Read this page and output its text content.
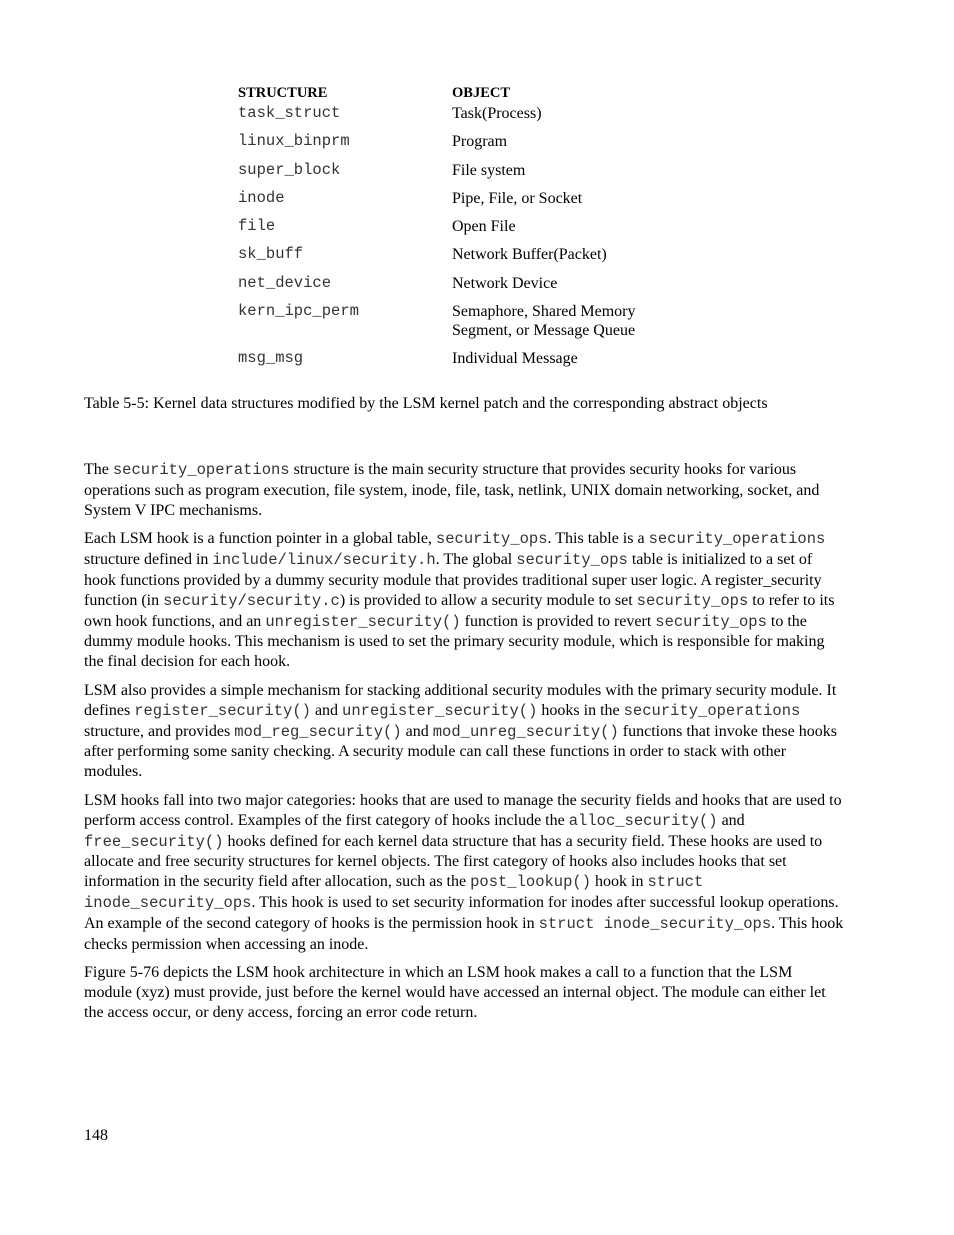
STRUCTURE	OBJECT
task_struct	Task(Process)
linux_binprm	Program
super_block	File system
inode	Pipe, File, or Socket
file	Open File
sk_buff	Network Buffer(Packet)
net_device	Network Device
kern_ipc_perm	Semaphore, Shared Memory
Segment, or Message Queue
msg_msg	Individual Message
Table 5-5: Kernel data structures modified by the LSM kernel patch and the corresponding abstract objects

The security_operations structure is the main security structure that provides security hooks for various operations such as program execution, file system, inode, file, task, netlink, UNIX domain networking, socket, and System V IPC mechanisms.

Each LSM hook is a function pointer in a global table, security_ops. This table is a security_operations structure defined in include/linux/security.h. The global security_ops table is initialized to a set of hook functions provided by a dummy security module that provides traditional super user logic. A register_security function (in security/security.c) is provided to allow a security module to set security_ops to refer to its own hook functions, and an unregister_security() function is provided to revert security_ops to the dummy module hooks. This mechanism is used to set the primary security module, which is responsible for making the final decision for each hook.

LSM also provides a simple mechanism for stacking additional security modules with the primary security module. It defines register_security() and unregister_security() hooks in the security_operations structure, and provides mod_reg_security() and mod_unreg_security() functions that invoke these hooks after performing some sanity checking. A security module can call these functions in order to stack with other modules.

LSM hooks fall into two major categories: hooks that are used to manage the security fields and hooks that are used to perform access control. Examples of the first category of hooks include the alloc_security() and free_security() hooks defined for each kernel data structure that has a security field. These hooks are used to allocate and free security structures for kernel objects. The first category of hooks also includes hooks that set information in the security field after allocation, such as the post_lookup() hook in struct inode_security_ops. This hook is used to set security information for inodes after successful lookup operations. An example of the second category of hooks is the permission hook in struct inode_security_ops. This hook checks permission when accessing an inode.

Figure 5-76 depicts the LSM hook architecture in which an LSM hook makes a call to a function that the LSM module (xyz) must provide, just before the kernel would have accessed an internal object. The module can either let the access occur, or deny access, forcing an error code return.

148
